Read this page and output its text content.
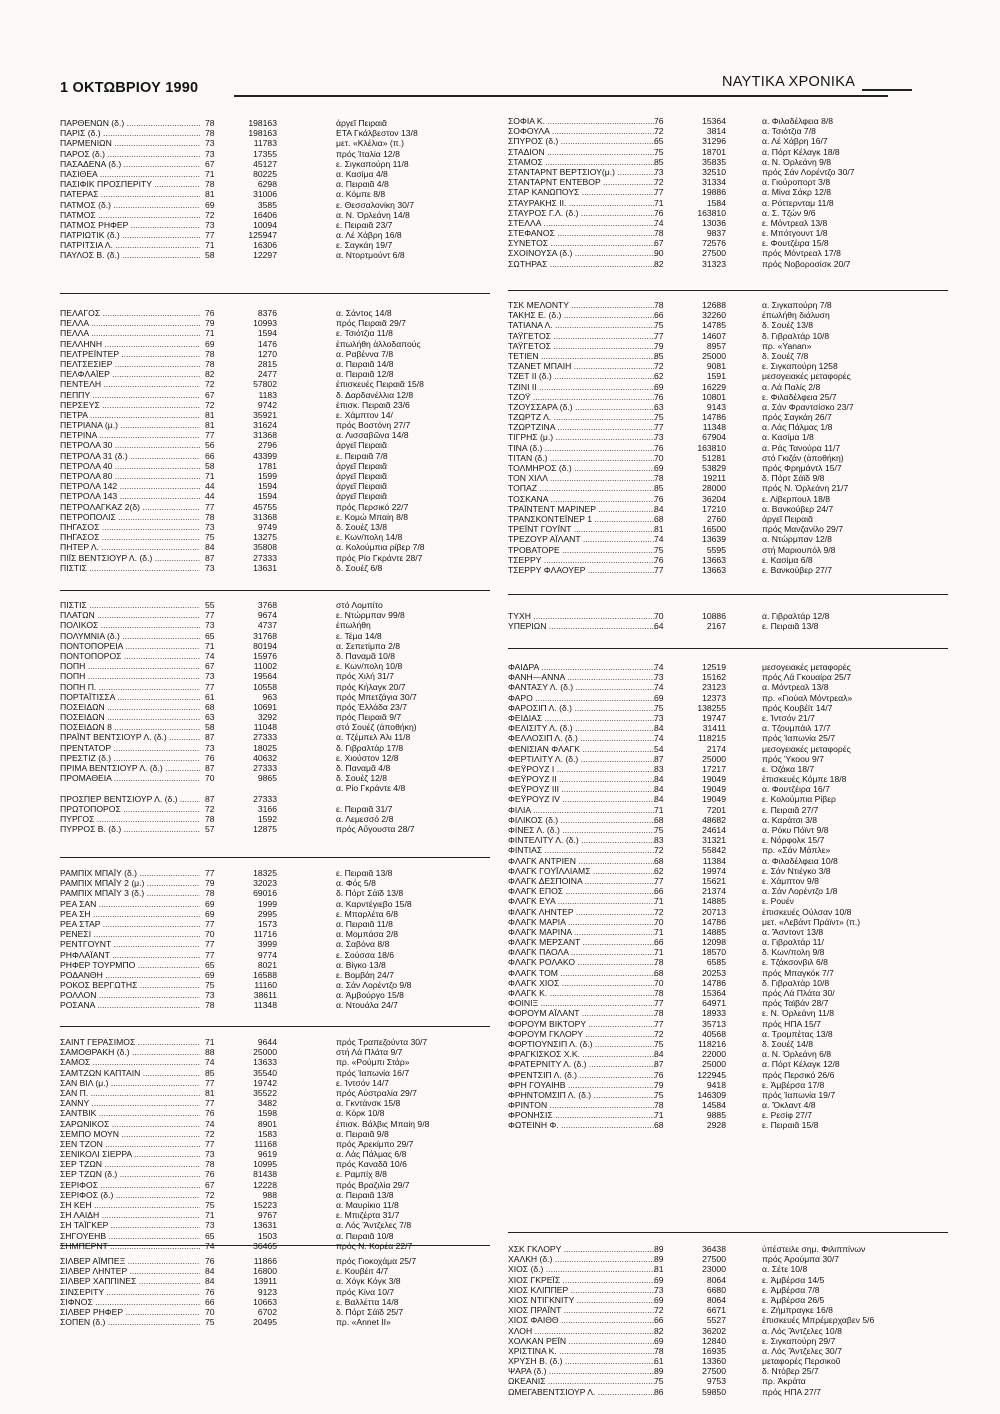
1 ΟΚΤΩΒΡΙΟΥ 1990	ΝΑΥΤΙΚΑ ΧΡΟΝΙΚΑ
ΠΑΡΘΕΝΩΝ (δ.) .....	78	198163	άργεῖ Πειραιᾶ
ΠΑΡΙΣ (δ.) .....	78	198163	ΕΤΑ Γκάλβεστον 13/8
ΠΑΡΜΕΝΙΩΝ .....	73	11783	μετ. «Κλέλια» (π.)
ΠΑΡΟΣ (δ.) .....	73	17355	πρός Ἰταλία 12/8
ΠΑΣΑΔΕΝΑ (δ.) .....	67	45127	ε. Σιγκαπούρη 11/8
ΠΑΣΙΘΕΑ .....	71	80225	α. Κασίμα 4/8
ΠΑΣΙΦΙΚ ΠΡΟΣΠΕΡΙΤΥ .....	78	6298	α. Πειραιᾶ 4/8
ΠΑΤΕΡΑΣ .....	81	31006	α. Κόμπε 8/8
ΠΑΤΜΟΣ (δ.) .....	69	3585	ε. Θεσσαλονίκη 30/7
ΠΑΤΜΟΣ .....	72	16406	α. Ν. Ὀρλεάνη 14/8
ΠΑΤΜΟΣ ΡΗΦΕΡ .....	73	10094	ε. Πειραιᾶ 23/7
ΠΑΤΡΙΩΤΙΚ (δ.) .....	77	125947	α. Λέ Χάβρη 16/8
ΠΑΤΡΙΤΣΙΑ Λ. .....	71	16306	ε. Σαγκάη 19/7
ΠΑΥΛΟΣ Β. (δ.) .....	58	12297	α. Ντορτμούντ 6/8
ΠΕΛΑΓΟΣ .....	76	8376	α. Σάντος 14/8
ΠΕΛΛΑ .....	79	10993	πρός Πειραιᾶ 29/7
ΠΕΛΛΑ .....	71	1594	ε. Τσιότζια 11/8
ΠΕΛΛΗΝΗ .....	69	1476	ἐπωλήθη ἀλλοδαπούς
ΠΕΛΤΡΕΪΝΤΕΡ .....	78	1270	α. Ραβέννα 7/8
ΠΕΛΤΣΕΣΙΕΡ .....	78	2815	α. Πειραιᾶ 14/8
ΠΕΛΦΛΑΪΕΡ .....	82	2477	α. Πειραιᾶ 12/8
ΠΕΝΤΕΛΗ .....	72	57802	ἐπισκευές Πειραιᾶ 15/8
ΠΕΠΠΥ .....	67	1183	δ. Δαρδανέλλια 12/8
ΠΕΡΣΕΥΣ .....	72	9742	ἐπισκ. Πειραιᾶ 23/6
ΠΕΤΡΑ .....	81	35921	ε. Χάμπτον 14/
ΠΕΤΡΙΑΝΑ (μ.) .....	81	31624	πρός Βοστόνη 27/7
ΠΕΤΡΙΝΑ .....	77	31368	α. Λισσαβῶνα 14/8
ΠΕΤΡΟΛΑ 30 .....	56	2796	άργεῖ Πειραιᾶ
ΠΕΤΡΟΛΑ 31 (δ.) .....	66	43399	ε. Πειραιᾶ 7/8
ΠΕΤΡΟΛΑ 40 .....	58	1781	άργεῖ Πειραιᾶ
ΠΕΤΡΟΛΑ 80 .....	71	1599	άργεῖ Πειραιᾶ
ΠΕΤΡΟΛΑ 142 .....	44	1594	άργεῖ Πειραιᾶ
ΠΕΤΡΟΛΑ 143 .....	44	1594	άργεῖ Πειραιᾶ
ΠΕΤΡΟΛΑΓΚΑΖ 2(δ) .....	77	45755	πρός Περσικό 22/7
ΠΕΤΡΟΠΟΛΙΣ .....	78	31368	ε. Κομώ Μπαίη 8/8
ΠΗΓΑΣΟΣ .....	73	9749	δ. Σουέζ 13/8
ΠΗΓΑΣΟΣ .....	75	13275	ε. Κων/πολη 14/8
ΠΗΤΕΡ Λ. .....	84	35808	α. Κολούμπια ρίβερ 7/8
ΠΙΪΣ ΒΕΝΤΣΙΟΥΡ Λ. (δ.) .....	87	27333	πρός Ρίο Γκράντε 28/7
ΠΙΣΤΙΣ .....	73	13631	δ. Σουέζ 6/8
ΠΙΣΤΙΣ .....	55	3768	στό Λομπίτο
ΠΛΑΤΩΝ .....	77	9674	ε. Ντώρμπαν 99/8
ΠΟΛΙΚΟΣ .....	73	4737	ἐπωλήθη
ΠΟΛΥΜΝΙΑ (δ.) .....	65	31768	ε. Τέμα 14/8
ΠΟΝΤΟΠΟΡΕΙΑ .....	71	80194	α. Σεπετίμπα 2/8
ΠΟΝΤΟΠΟΡΟΣ .....	74	15976	δ. Παναμᾶ 10/8
ΠΟΠΗ .....	67	11002	ε. Κων/πολη 10/8
ΠΟΠΗ .....	73	19564	πρός Χιλή 31/7
ΠΟΠΗ Π. .....	77	10558	πρός Κήλαγκ 20/7
ΠΟΡΤΑΪΤΙΣΣΑ .....	61	963	πρός Μπετζάγια 30/7
ΠΟΣΕΙΔΩΝ .....	68	10691	πρός Ἑλλάδα 23/7
ΠΟΣΕΙΔΩΝ .....	63	3292	πρός Πειραιᾶ 9/7
ΠΟΣΕΙΔΩΝ 8 .....	58	11048	στό Σουέζ (ἀποθήκη)
ΠΡΑΪΝΤ ΒΕΝΤΣΙΟΥΡ Λ. (δ.) .....	87	27333	α. Τζέμπελ Ἀλι 11/8
ΠΡΕΝΤΑΤΟΡ .....	73	18025	δ. Γιβραλτάρ 17/8
ΠΡΕΣΤΙΖ (δ.) .....	76	40632	ε. Χιούστον 12/8
ΠΡΙΜΑ ΒΕΝΤΣΙΟΥΡ Λ. (δ.) .....	87	27333	δ. Παναμᾶ 4/8
ΠΡΟΜΑΘΕΙΑ .....	70	9865	δ. Σουέζ 12/8
ΠΡΟΣΠΕΡ ΒΕΝΤΣΙΟΥΡ Λ. (δ.) .....	87	27333
α. Ρίο Γκράντε 4/8
ΠΡΩΤΟΠΟΡΟΣ .....	72	3166	ε. Πειραιᾶ 31/7
ΠΥΡΓΟΣ .....	78	1592	α. Λεμεσσό 2/8
ΠΥΡΡΟΣ Β. (δ.) .....	57	12875	πρός Αὔγουστα 28/7
ΡΑΜΠΙΧ ΜΠΑΪΥ (δ.) .....	77	18325	ε. Πειραιᾶ 13/8
ΡΑΜΠΙΧ ΜΠΑΪΥ 2 (μ.) .....	79	32023	α. Φός 5/8
ΡΑΜΠΙΧ ΜΠΑΪΥ 3 (δ.) .....	78	69016	δ. Πόρτ Σάϊδ 13/8
ΡΕΑ ΣΑΝ .....	69	1999	α. Καρντέγιεβο 15/8
ΡΕΑ ΣΗ .....	69	2995	ε. Μπαρλέτα 6/8
ΡΕΑ ΣΤΑΡ .....	77	1573	α. Πειραιᾶ 11/8
ΡΕΝΕΣΙ .....	70	11716	α. Μομπάσα 2/8
ΡΕΝΤΓΟΥΝΤ .....	77	3999	α. Σαβόνα 8/8
ΡΗΦΛΑΪΑΝΤ .....	77	9774	ε. Σούσσα 18/6
ΡΗΦΕΡ ΤΟΥΡΜΠΟ .....	65	8021	α. Βίγκο 13/8
ΡΟΔΑΝΘΗ .....	69	16588	ε. Βομβάη 24/7
ΡΟΚΟΣ ΒΕΡΓΩΤΗΣ .....	75	11160	α. Σάν Λορέντζο 9/8
ΡΟΛΛΟΝ .....	73	38611	α. Ἀμβούργο 15/8
ΡΟΣΑΝΑ .....	78	11348	α. Ντουάλα 24/7
ΣΑΙΝΤ ΓΕΡΑΣΙΜΟΣ .....	71	9644	πρός Τραπεζούντα 30/7
ΣΑΜΟΘΡΑΚΗ (δ.) .....	88	25000	στή Λά Πλάτα 9/7
ΣΑΜΟΣ .....	74	13633	πρ. «Ρούμπι Στάρ»
ΣΑΜΤΖΩΝ ΚΑΠΤΑΙΝ .....	85	35540	πρός Ἰαπωνία 16/7
ΣΑΝ ΒΙΛ (μ.) .....	77	19742	ε. Ἰντσόν 14/7
ΣΑΝ Π. .....	81	35522	πρός Αὐστραλία 29/7
ΣΑΝΝΥ .....	77	3482	α. Γκντάνσκ 15/8
ΣΑΝΤΒΙΚ .....	76	1598	α. Κόρκ 10/8
ΣΑΡΩΝΙΚΟΣ .....	74	8901	ἐπισκ. Βάλβις Μπαίη 9/8
ΣΕΜΠΟ ΜΟΥΝ .....	72	1583	α. Πειραιᾶ 9/8
ΣΕΝ ΤΖΟΝ .....	77	11168	πρός Ἀρεκίμπο 29/7
ΣΕΝΙΚΟΛΙ ΣΙΕΡΡΑ .....	73	9619	α. Λάς Πάλμας 6/8
ΣΕΡ ΤΖΩΝ .....	78	10995	πρός Καναδᾶ 10/6
ΣΕΡ ΤΖΩΝ (δ.) .....	76	81438	ε. Ραμπίχ 8/8
ΣΕΡΙΦΟΣ .....	67	12228	πρός Βραζιλία 29/7
ΣΕΡΙΦΟΣ (δ.) .....	72	988	α. Πειραιᾶ 13/8
ΣΗ ΚΕΗ .....	75	15223	α. Μαυρίκιο 11/8
ΣΗ ΛΑΙΔΗ .....	71	9767	ε. Μπιζέρτα 31/7
ΣΗ ΤΑΪΓΚΕΡ .....	73	13631	α. Λός Ἄντζελες 7/8
ΣΗΓΟΥΕΗΒ .....	65	1503	α. Πειραιᾶ 10/8
ΣΗΜΠΕΡΝΤ .....	74	36465	πρός Ν. Κορέα 22/7
ΣΙΛΒΕΡ ΑΪΜΠΕΞ .....	76	11866	πρός Γιοκοχάμα 25/7
ΣΙΛΒΕΡ ΛΗΝΤΕΡ .....	84	16800	ε. Κουβέιτ 4/7
ΣΙΛΒΕΡ ΧΑΠΠΙΝΕΣ .....	84	13911	α. Χόγκ Κόγκ 3/8
ΣΙΝΣΕΡΙΤΥ .....	76	9123	πρός Κίνα 10/7
ΣΙΦΝΟΣ .....	66	10663	ε. Βαλλέττα 14/8
ΣΙΛΒΕΡ ΡΗΦΕΡ .....	70	6702	δ. Πόρτ Σάϊδ 25/7
ΣΟΠΕΝ (δ.) .....	75	20495	πρ. «Annet II»
ΣΟΦΙΑ Κ. .....	76	15364	α. Φιλαδέλφεια 8/8
ΣΟΦΟΥΛΑ .....	72	3814	α. Τσιότζια 7/8
ΣΠΥΡΟΣ (δ.) .....	65	31296	α. Λέ Χάβρη 16/7
ΣΤΑΔΙΟΝ .....	75	18701	α. Πόρτ Κέλαγκ 18/8
ΣΤΑΜΟΣ .....	85	35835	α. Ν. Ὀρλεάνη 9/8
ΣΤΑΝΤΑΡΝΤ ΒΕΡΤΣΙΟΥ(μ.) .....	73	32510	πρός Σάν Λορέντζο 30/7
ΣΤΑΝΤΑΡΝΤ ΕΝΤΕΒΟΡ .....	72	31334	α. Γιούροπορτ 3/8
ΣΤΑΡ ΚΑΝΩΠΟΥΣ .....	77	19886	α. Μίνα Σάκρ 12/8
ΣΤΑΥΡΑΚΗΣ ΙΙ. .....	71	1584	α. Ρόττερνταμ 11/8
ΣΤΑΥΡΟΣ Γ.Λ. (δ.) .....	76	163810	α. Σ. Τζών 9/6
ΣΤΕΛΛΑ .....	74	13036	ε. Μόντρεαλ 13/8
ΣΤΕΦΑΝΟΣ .....	78	9837	ε. Μπότγουντ 1/8
ΣΥΝΕΤΟΣ .....	67	72576	ε. Φουτζέιρα 15/8
ΣΧΟΙΝΟΥΣΑ (δ.) .....	90	27500	πρός Μόντρεαλ 17/8
ΣΩΤΗΡΑΣ .....	82	31323	πρός Νοβοροσίσκ 20/7
ΤΣΚ ΜΕΛΟΝΤΥ .....	78	12688	α. Σιγκαπούρη 7/8
ΤΑΚΗΣ Ε. (δ.) .....	66	32260	ἐπωλήθη διάλυση
ΤΑΤΙΑΝΑ Λ. .....	75	14785	δ. Σουέζ 13/8
ΤΑΫΓΕΤΟΣ .....	77	14607	δ. Γιβραλτάρ 10/8
ΤΑΫΓΕΤΟΣ .....	79	8957	πρ. «Yanan»
ΤΕΤΙΕΝ .....	85	25000	δ. Σουέζ 7/8
ΤΖΑΝΕΤ ΜΠΑΙΗ .....	72	9081	ε. Σιγκαπούρη 1258
ΤΖΕΤ ΙΙ (δ.) .....	62	1591	μεσογειακές μεταφορές
ΤΖΙΝΙ ΙΙ .....	69	16229	α. Λά Παλίς 2/8
ΤΖΟΫ .....	76	10801	ε. Φιλαδέλφεια 25/7
ΤΖΟΥΣΣΑΡΑ (δ.) .....	63	9143	α. Σάν Φραντσίσκο 23/7
ΤΖΩΡΤΖ Λ. .....	75	14786	πρός Σαγκάη 26/7
ΤΖΩΡΤΖΙΝΑ .....	77	11348	α. Λάς Πάλμας 1/8
ΤΙΓΡΗΣ (μ.) .....	73	67904	α. Κασίμα 1/8
ΤΙΝΑ (δ.) .....	76	163810	α. Ράς Τανούρα 11/7
ΤΙΤΑΝ (δ.) .....	70	51281	στό Γκιζάν (ἀποθήκη)
ΤΟΛΜΗΡΟΣ (δ.) .....	69	53829	πρός Φρημάντλ 15/7
ΤΟΝ ΧΙΛΛ .....	78	19211	δ. Πόρτ Σάϊδ 9/8
ΤΟΠΑΖ .....	85	28000	πρός Ν. Ὀρλεάνη 21/7
ΤΟΣΚΑΝΑ .....	76	36204	ε. Λίβερπουλ 18/8
ΤΡΑΪΝΤΕΝΤ ΜΑΡΙΝΕΡ .....	84	17210	α. Βανκούβερ 24/7
ΤΡΑΝΣΚΟΝΤΕΪΝΕΡ 1 .....	68	2760	άργεῖ Πειραιᾶ
ΤΡΕΪΝΤ ΓΟΥΪΝΤ .....	81	16500	πρός Μανζανίλο 29/7
ΤΡΕΖΟΥΡ ΑΪΛΑΝΤ .....	74	13639	α. Ντώρμπαν 12/8
ΤΡΟΒΑΤΟΡΕ .....	75	5595	στή Μαριουπόλ 9/8
ΤΣΕΡΡΥ .....	76	13663	ε. Κασίμα 6/8
ΤΣΕΡΡΥ ΦΛΑΟΥΕΡ .....	77	13663	ε. Βανκούβερ 27/7
ΤΥΧΗ .....	70	10886	α. Γιβραλτάρ 12/8
ΥΠΕΡΙΩΝ .....	64	2167	ε. Πειραιᾶ 13/8
ΦΑΙΔΡΑ .....	74	12519	μεσογειακές μεταφορές
ΦΑΝΗ—ΑΝΝΑ .....	73	15162	πρός Λά Γκουαίρα 25/7
ΦΑΝΤΑΣΥ Λ. (δ.) .....	74	23123	α. Μόντρεαλ 13/8
ΦΑΡΟ .....	69	12373	πρ. «Γιούαλ Μόντρεαλ»
ΦΑΡΟΣΙΠ Λ. (δ.) .....	75	138255	πρός Κουβέϊτ 14/7
ΦΕΙΔΙΑΣ .....	73	19747	ε. Ἰντσόν 21/7
ΦΕΛΙΣΙΤΥ Λ. (δ.) .....	84	31411	α. Τζουμπάιλ 17/7
ΦΕΛΛΟΣΙΠ Λ. (δ.) .....	74	118215	πρός Ἰαπωνία 25/7
ΦΕΝΙΣΙΑΝ ΦΛΑΓΚ .....	54	2174	μεσογειακές μεταφορές
ΦΕΡΤΙΛΙΤΥ Λ. (δ.) .....	87	25000	πρός Ὑκοου 9/7
ΦΕΫΡΟΥΖ Ι .....	83	17217	ε. Ὀζάκα 18/7
ΦΕΫΡΟΥΖ ΙΙ .....	84	19049	ἐπισκευές Κόμπε 18/8
ΦΕΫΡΟΥΖ ΙΙΙ .....	84	19049	α. Φουτζέιρα 16/7
ΦΕΫΡΟΥΖ ΙV .....	84	19049	ε. Κολούμπια Ρίβερ
ΦΙΛΙΑ .....	71	7201	ε. Πειραιᾶ 27/7
ΦΙΛΙΚΟΣ (δ.) .....	68	48682	α. Καράτσι 3/8
ΦΙΝΕΣ Λ. (δ.) .....	75	24614	α. Ρόκυ Πόϊντ 9/8
ΦΙΝΤΕΛΙΤΥ Λ. (δ.) .....	83	31321	ε. Νόρφολκ 15/7
ΦΙΝΤΙΑΣ .....	72	55842	πρ. «Σάν Μάπλε»
ΦΛΑΓΚ ΑΝΤΡΙΕΝ .....	68	11384	α. Φιλαδέλφεια 10/8
ΦΛΑΓΚ ΓΟΥΪΛΛΙΑΜΣ .....	62	19974	ε. Σάν Ντιέγκο 3/8
ΦΛΑΓΚ ΔΕΣΠΟΙΝΑ .....	77	15621	ε. Χάμπτον 9/8
ΦΛΑΓΚ ΕΠΟΣ .....	66	21374	α. Σάν Λορέντζο 1/8
ΦΛΑΓΚ ΕΥΑ .....	71	14885	ε. Ρουέν
ΦΛΑΓΚ ΛΗΝΤΕΡ .....	72	20713	ἐπισκευές Ούλσαν 10/8
ΦΛΑΓΚ ΜΑΡΙΑ .....	70	14786	μετ. «Λεβάντ Πράϊντ» (π.)
ΦΛΑΓΚ ΜΑΡΙΝΑ .....	71	14885	α. Ἄσντοντ 13/8
ΦΛΑΓΚ ΜΕΡΣΑΝΤ .....	66	12098	α. Γιβραλτάρ 11/
ΦΛΑΓΚ ΠΑΟΛΑ .....	71	18570	δ. Κων/πολη 9/8
ΦΛΑΓΚ ΡΟΛΑΚΟ .....	78	6585	ε. Τζάκσονβιλ 6/8
ΦΛΑΓΚ ΤΟΜ .....	68	20253	πρός Μπαγκόκ 7/7
ΦΛΑΓΚ ΧΙΟΣ .....	70	14786	δ. Γιβραλτάρ 10/8
ΦΛΑΓΚ Κ. .....	78	15364	πρός Λά Πλάτα 30/
ΦΟΙΝΙΞ .....	77	64971	πρός Ταϊβάν 28/7
ΦΟΡΟΥΜ ΑΪΛΑΝΤ .....	78	18933	ε. Ν. Ὀρλεάνη 11/8
ΦΟΡΟΥΜ ΒΙΚΤΟΡΥ .....	77	35713	πρός ΗΠΑ 15/7
ΦΟΡΟΥΜ ΓΚΛΟΡΥ .....	72	40568	α. Τρομπέτας 13/8
ΦΟΡΤΙΟΥΝΣΙΠ Λ. (δ.) .....	75	118216	δ. Σουέζ 14/8
ΦΡΑΓΚΙΣΚΟΣ Χ.Κ. .....	84	22000	α. Ν. Ὀρλεάνη 6/8
ΦΡΑΤΕΡΝΙΤΥ Λ. (δ.) .....	87	25000	α. Πόρτ Κέλαγκ 12/8
ΦΡΕΝΤΣΙΠ Λ. (δ.) .....	76	122945	πρός Περσικό 26/6
ΦΡΗ ΓΟΥΑΙΗΒ .....	79	9418	ε. Ἀμβέρσα 17/8
ΦΡΗΝΤΟΜΣΙΠ Λ. (δ.) .....	75	146309	πρός Ἰαπωνία 19/7
ΦΡΙΝΤΟΝ .....	78	14584	α. Ὄκλαντ 4/8
ΦΡΟΝΗΣΙΣ .....	71	9885	ε. Ρεσίφ 27/7
ΦΩΤΕΙΝΗ Φ. .....	68	2928	ε. Πειραιᾶ 15/8
ΧΣΚ ΓΚΛΟΡΥ .....	89	36438	ὑπέστειλε σημ. Φιλιππίνων
ΧΑΛΚΗ (δ.) .....	89	27500	πρός Ἀρούμπα 30/7
ΧΙΟΣ (δ.) .....	81	23000	α. Σέτε 10/8
ΧΙΟΣ ΓΚΡΕΪΣ .....	69	8064	ε. Ἀμβέρσα 14/5
ΧΙΟΣ ΚΛΙΠΠΕΡ .....	73	6680	ε. Ἀμβέρσα 7/8
ΧΙΟΣ ΝΤΙΓΚΝΙΤΥ .....	69	8064	ε. Ἀμβέρσα 26/5
ΧΙΟΣ ΠΡΑΪΝΤ .....	72	6671	ε. Ζήμπραγκε 16/8
ΧΙΟΣ ΦΑΙΘΘ .....	66	5527	ἐπισκευές Μπρέμερχαβεν 5/6
ΧΛΟΗ .....	82	36202	α. Λός Ἄντζελες 10/8
ΧΟΛΚΑΝ ΡΕΪΝ .....	69	12840	ε. Σιγκαπούρη 29/7
ΧΡΙΣΤΙΝΑ Κ. .....	78	16935	α. Λός Ἄντζελες 30/7
ΧΡΥΣΗ Β. (δ.) .....	61	13360	μεταφορές Περσικοῦ
ΨΑΡΑ (δ.) .....	89	27500	δ. Ντόβερ 25/7
ΩΚΕΑΝΙΣ .....	75	9753	πρ. Ἀκράτα
ΩΜΕΓΑΒΕΝΤΣΙΟΥΡ Λ. .....	86	59850	πρός ΗΠΑ 27/7
